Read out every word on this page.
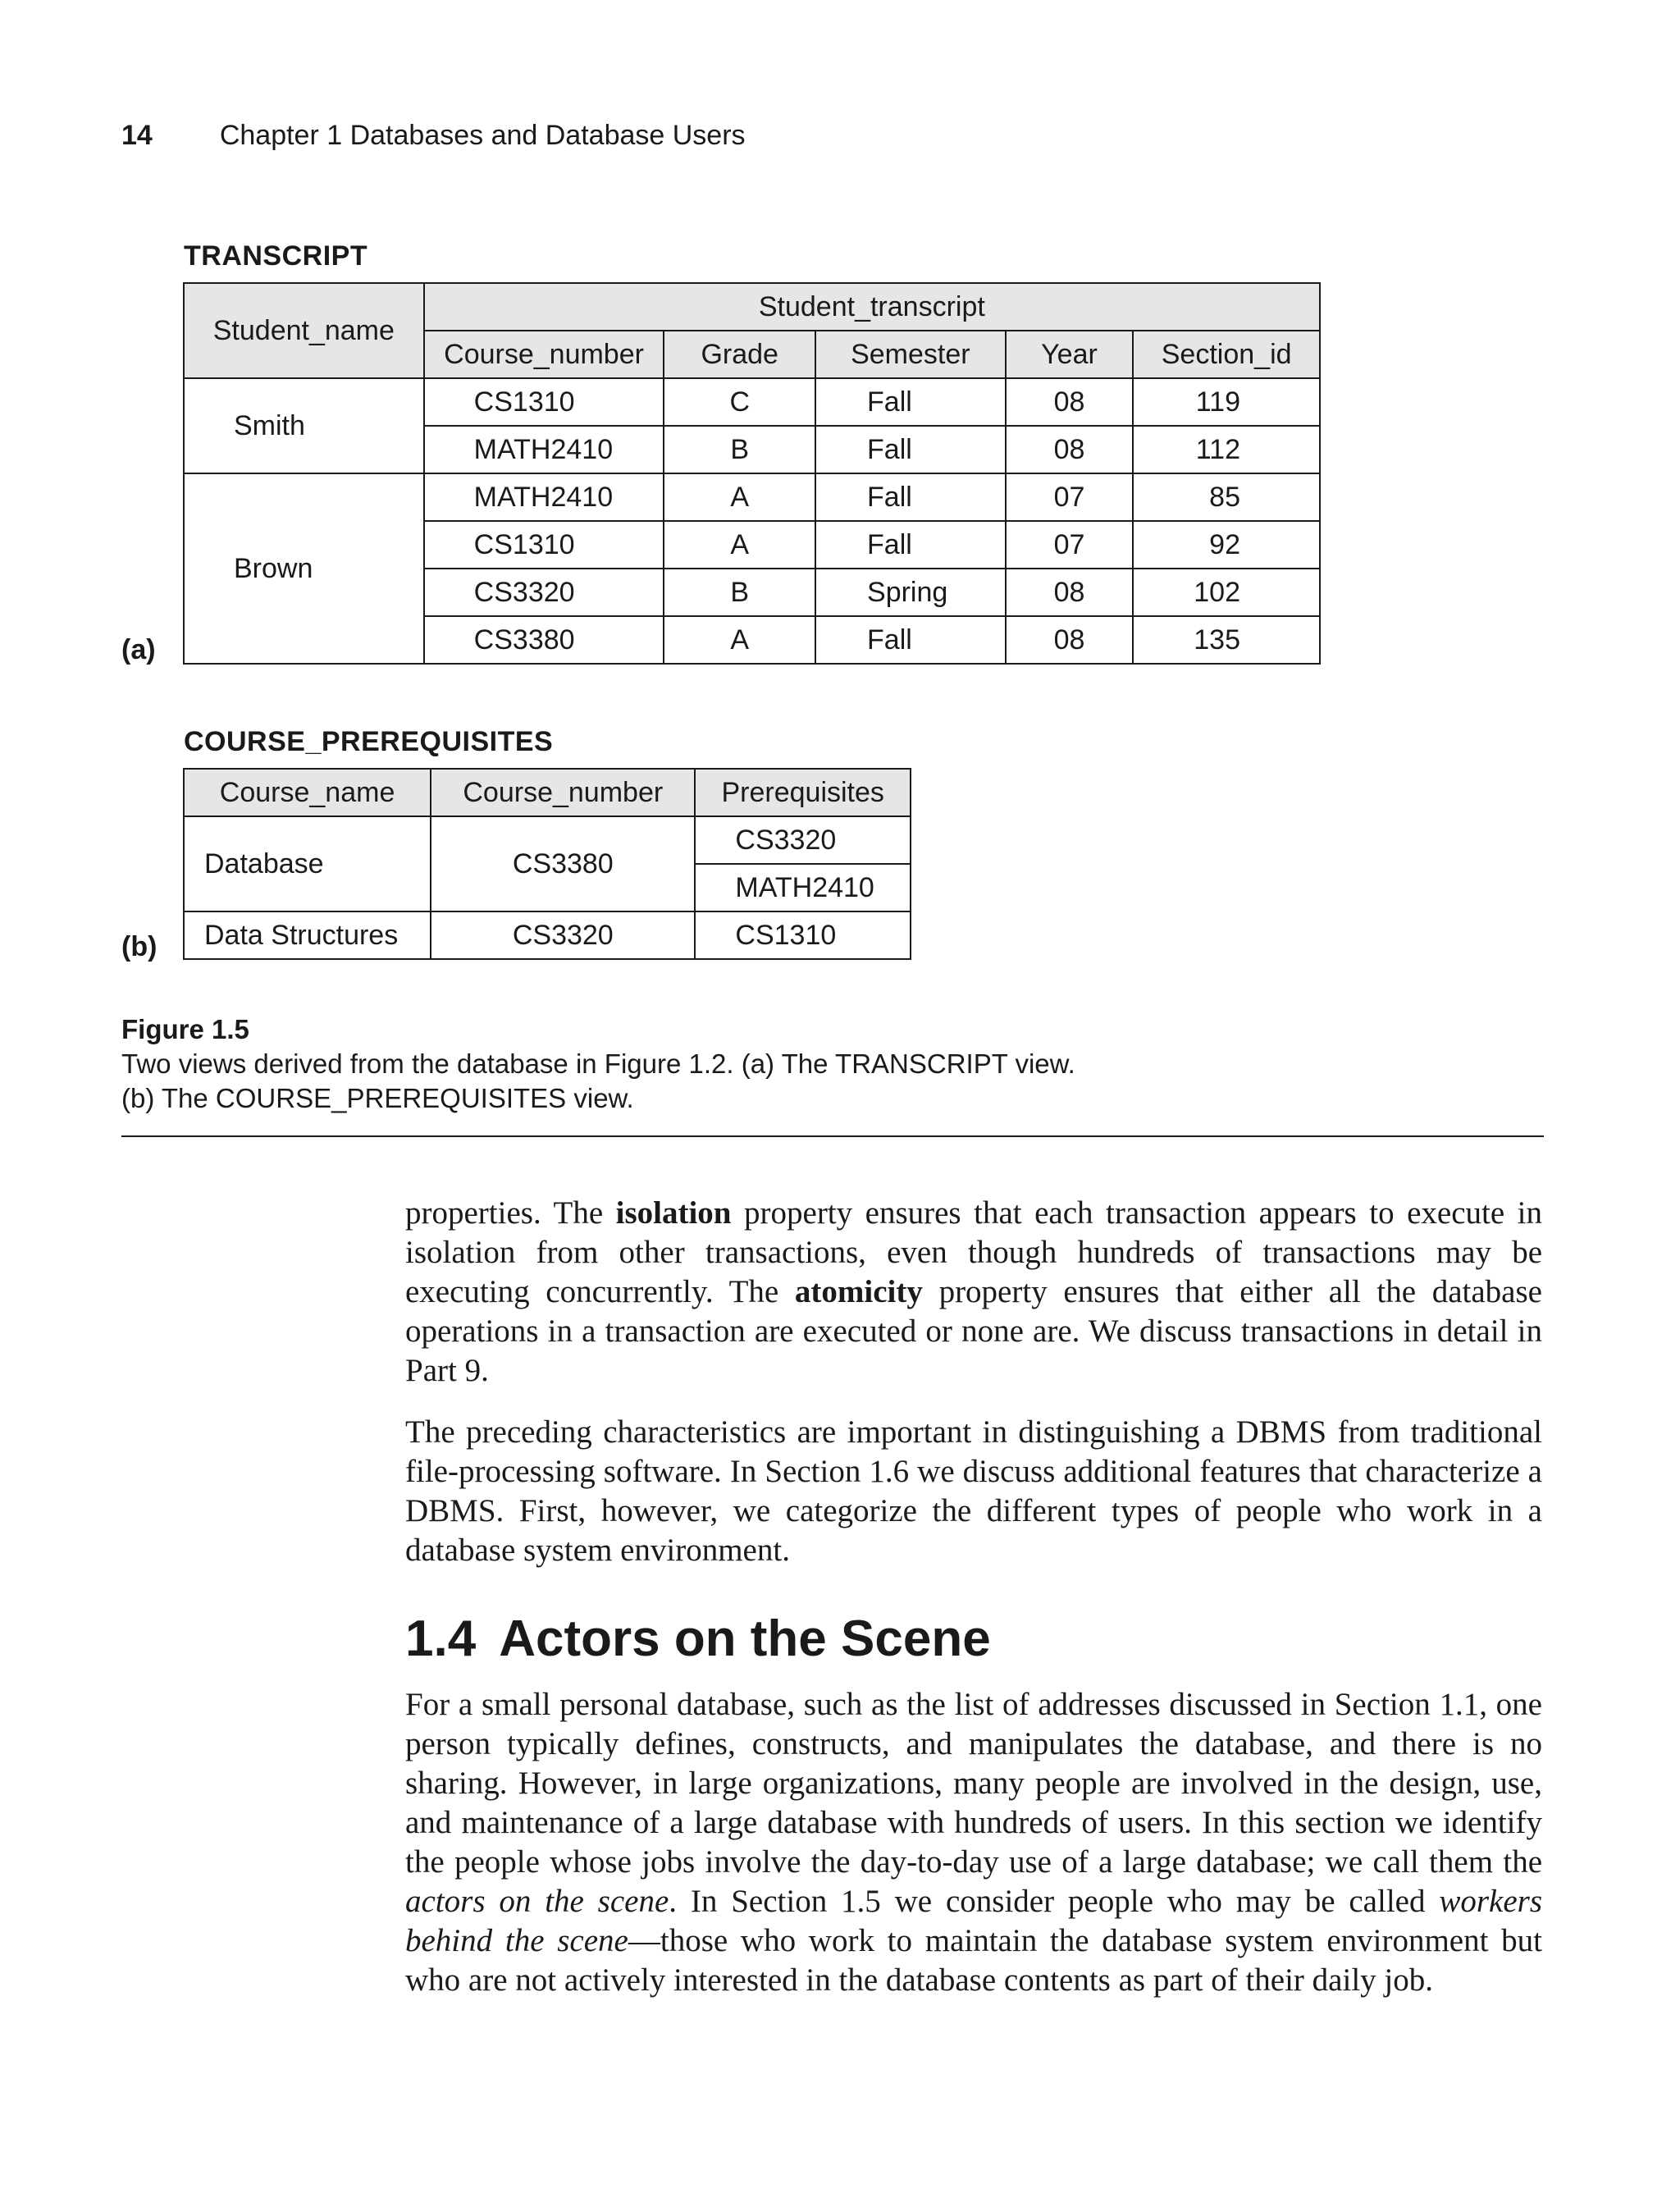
14 Chapter 1 Databases and Database Users
TRANSCRIPT
Student_name	Student_transcript				
	Course_number	Grade	Semester	Year	Section_id
Smith	CS1310	C	Fall	08	119
	MATH2410	B	Fall	08	112
Brown	MATH2410	A	Fall	07	85
	CS1310	A	Fall	07	92
	CS3320	B	Spring	08	102
	CS3380	A	Fall	08	135
(a)
COURSE_PREREQUISITES
Course_name	Course_number	Prerequisites
Database	CS3380	CS3320
		MATH2410
Data Structures	CS3320	CS1310
(b)
Figure 1.5
Two views derived from the database in Figure 1.2. (a) The TRANSCRIPT view.
(b) The COURSE_PREREQUISITES view.

properties. The isolation property ensures that each transaction appears to execute in isolation from other transactions, even though hundreds of transactions may be executing concurrently. The atomicity property ensures that either all the database operations in a transaction are executed or none are. We discuss transactions in detail in Part 9.

The preceding characteristics are important in distinguishing a DBMS from traditional file-processing software. In Section 1.6 we discuss additional features that characterize a DBMS. First, however, we categorize the different types of people who work in a database system environment.

1.4 Actors on the Scene

For a small personal database, such as the list of addresses discussed in Section 1.1, one person typically defines, constructs, and manipulates the database, and there is no sharing. However, in large organizations, many people are involved in the design, use, and maintenance of a large database with hundreds of users. In this section we identify the people whose jobs involve the day-to-day use of a large database; we call them the actors on the scene. In Section 1.5 we consider people who may be called workers behind the scene—those who work to maintain the database system environment but who are not actively interested in the database contents as part of their daily job.
